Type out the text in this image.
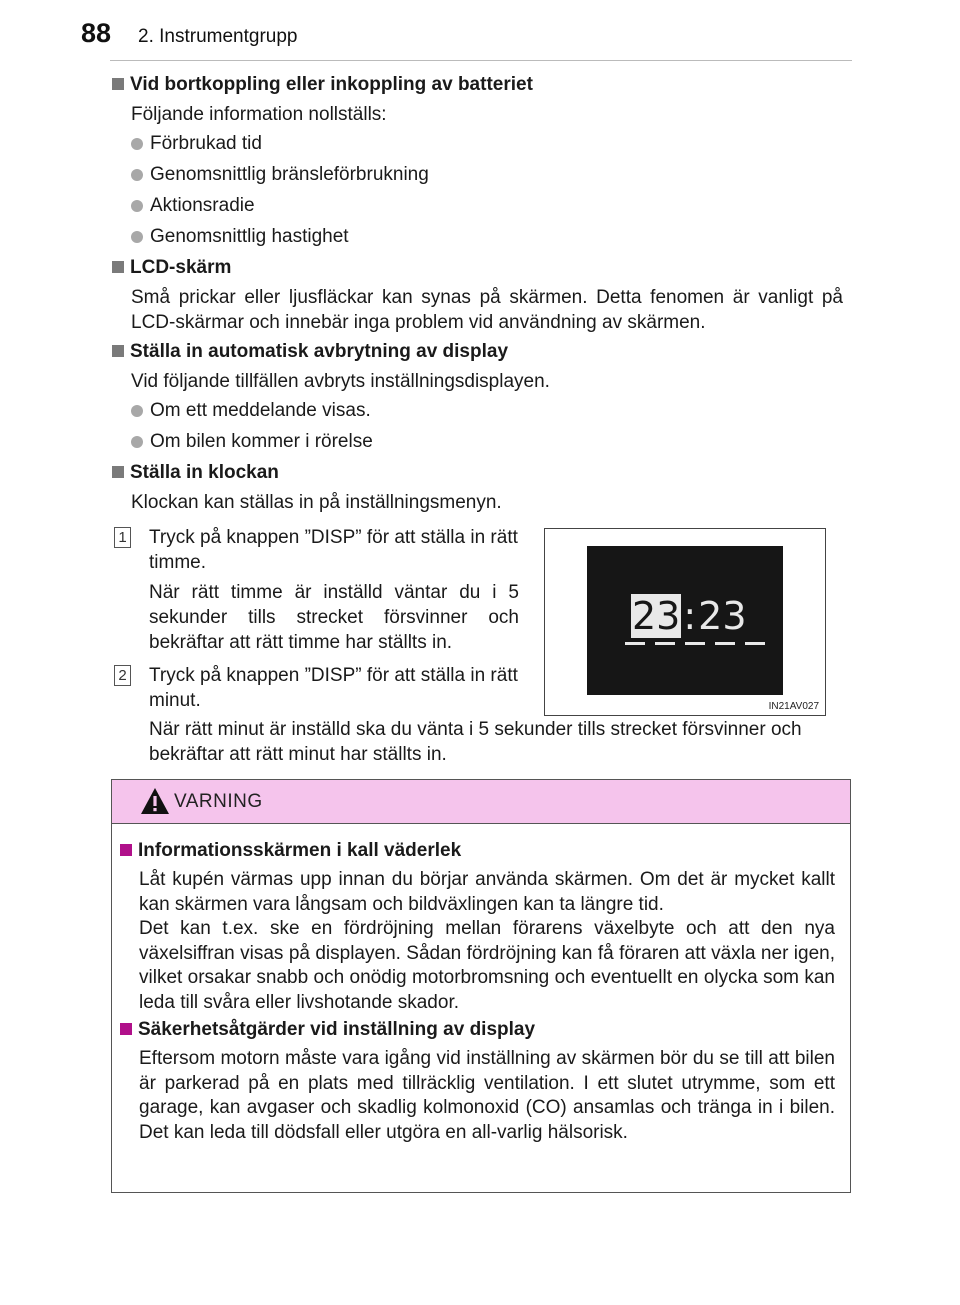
88 2. Instrumentgrupp
Vid bortkoppling eller inkoppling av batteriet
Följande information nollställs:
Förbrukad tid
Genomsnittlig bränsleförbrukning
Aktionsradie
Genomsnittlig hastighet
LCD-skärm
Små prickar eller ljusfläckar kan synas på skärmen. Detta fenomen är vanligt på LCD-skärmar och innebär inga problem vid användning av skärmen.
Ställa in automatisk avbrytning av display
Vid följande tillfällen avbryts inställningsdisplayen.
Om ett meddelande visas.
Om bilen kommer i rörelse
Ställa in klockan
Klockan kan ställas in på inställningsmenyn.
1 Tryck på knappen ”DISP” för att ställa in rätt timme.
När rätt timme är inställd väntar du i 5 sekunder tills strecket försvinner och bekräftar att rätt timme har ställts in.
2 Tryck på knappen ”DISP” för att ställa in rätt minut.
När rätt minut är inställd ska du vänta i 5 sekunder tills strecket försvinner och bekräftar att rätt minut har ställts in.
23:23
IN21AV027
VARNING
Informationsskärmen i kall väderlek
Låt kupén värmas upp innan du börjar använda skärmen. Om det är mycket kallt kan skärmen vara långsam och bildväxlingen kan ta längre tid.
Det kan t.ex. ske en fördröjning mellan förarens växelbyte och att den nya växelsiffran visas på displayen. Sådan fördröjning kan få föraren att växla ner igen, vilket orsakar snabb och onödig motorbromsning och eventuellt en olycka som kan leda till svåra eller livshotande skador.
Säkerhetsåtgärder vid inställning av display
Eftersom motorn måste vara igång vid inställning av skärmen bör du se till att bilen är parkerad på en plats med tillräcklig ventilation. I ett slutet utrymme, som ett garage, kan avgaser och skadlig kolmonoxid (CO) ansamlas och tränga in i bilen. Det kan leda till dödsfall eller utgöra en all-varlig hälsorisk.
